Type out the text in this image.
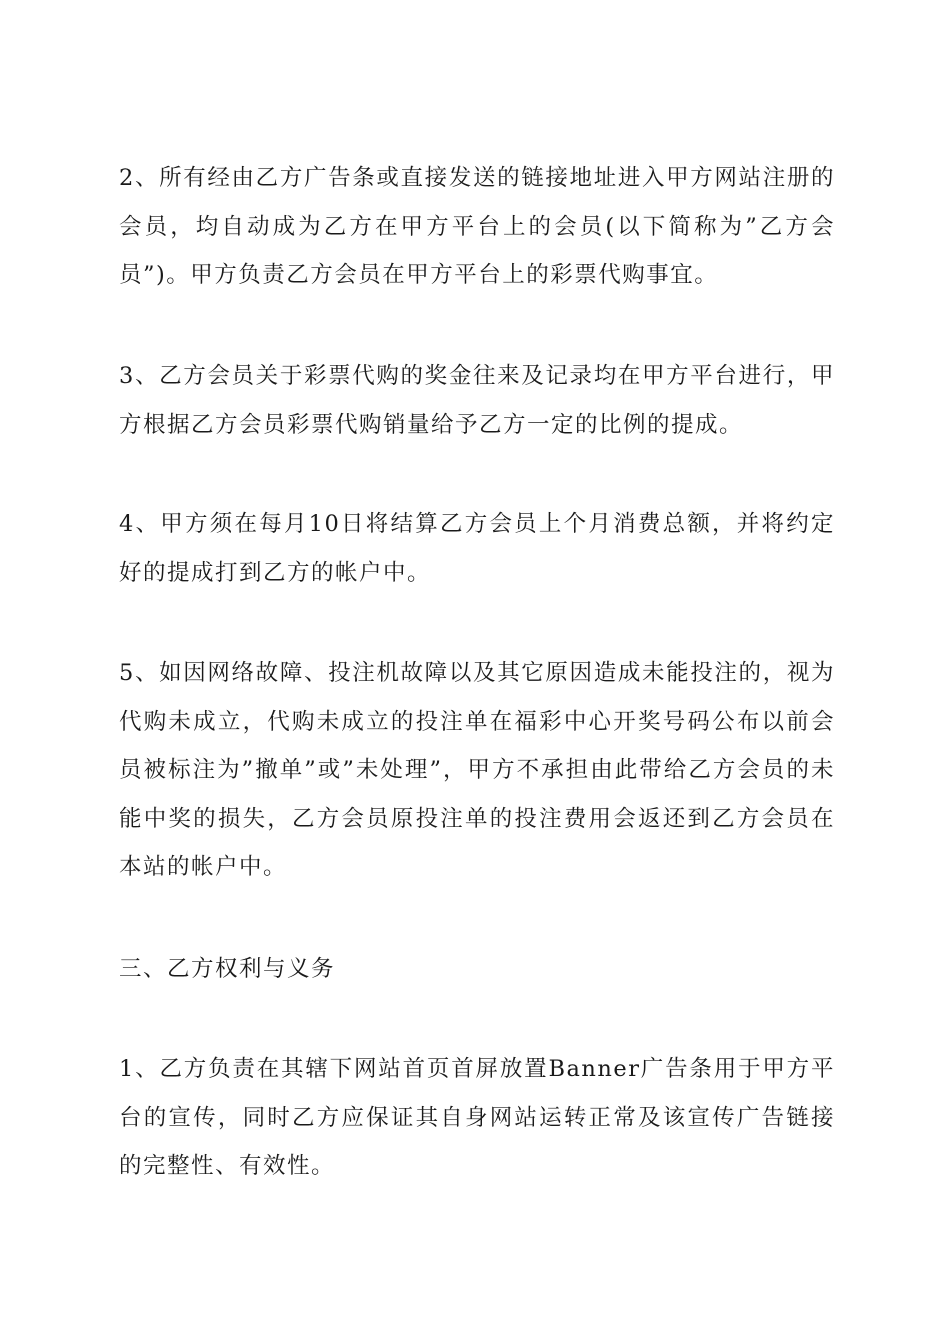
2、所有经由乙方广告条或直接发送的链接地址进入甲方网站注册的会员，均自动成为乙方在甲方平台上的会员(以下简称为”乙方会员”)。甲方负责乙方会员在甲方平台上的彩票代购事宜。

3、乙方会员关于彩票代购的奖金往来及记录均在甲方平台进行，甲方根据乙方会员彩票代购销量给予乙方一定的比例的提成。

4、甲方须在每月10日将结算乙方会员上个月消费总额，并将约定好的提成打到乙方的帐户中。

5、如因网络故障、投注机故障以及其它原因造成未能投注的，视为代购未成立，代购未成立的投注单在福彩中心开奖号码公布以前会员被标注为”撤单”或”未处理”，甲方不承担由此带给乙方会员的未能中奖的损失，乙方会员原投注单的投注费用会返还到乙方会员在本站的帐户中。

三、乙方权利与义务

1、乙方负责在其辖下网站首页首屏放置Banner广告条用于甲方平台的宣传，同时乙方应保证其自身网站运转正常及该宣传广告链接的完整性、有效性。
